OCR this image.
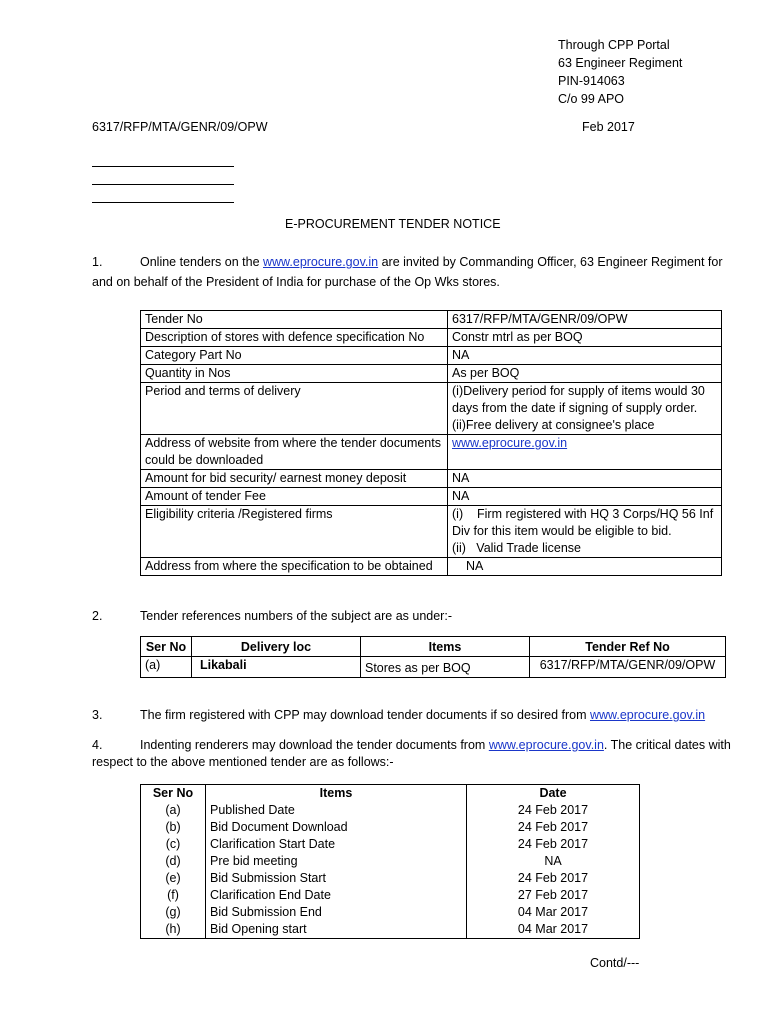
Through CPP Portal
63 Engineer Regiment
PIN-914063
C/o 99 APO
6317/RFP/MTA/GENR/09/OPW	Feb 2017
E-PROCUREMENT TENDER NOTICE
1.	Online tenders on the www.eprocure.gov.in are invited by Commanding Officer, 63 Engineer Regiment for and on behalf of the President of India for purchase of the Op Wks stores.
Tender No	6317/RFP/MTA/GENR/09/OPW
Description of stores with defence specification No	Constr mtrl as per BOQ
Category Part No	NA
Quantity in Nos	As per BOQ
Period and terms of delivery	(i)Delivery period for supply of items would 30 days from the date if signing of supply order.
(ii)Free delivery at consignee's place

Address of website from where the tender documents could be downloaded	www.eprocure.gov.in
Amount for bid security/ earnest money deposit	NA
Amount of tender Fee	NA
Eligibility criteria /Registered firms	(i)    Firm registered with HQ 3 Corps/HQ 56 Inf Div for this item would be eligible to bid.
(ii)   Valid Trade license

Address from where the specification to be obtained	NA
2.	Tender references numbers of the subject are as under:-
Ser No	Delivery loc	Items	Tender Ref No
(a)	Likabali	Stores as per BOQ	6317/RFP/MTA/GENR/09/OPW
3.	The firm registered with CPP may download tender documents if so desired from www.eprocure.gov.in
4.	Indenting renderers may download the tender documents from www.eprocure.gov.in. The critical dates with respect to the above mentioned tender are as follows:-
Ser No	Items	Date
(a)	Published Date	24 Feb 2017
(b)	Bid Document Download	24 Feb 2017
(c)	Clarification Start Date	24 Feb 2017
(d)	Pre bid meeting	NA
(e)	Bid Submission Start	24 Feb 2017
(f)	Clarification End Date	27 Feb 2017
(g)	Bid Submission End	04 Mar 2017
(h)	Bid Opening start	04 Mar 2017
Contd/---
